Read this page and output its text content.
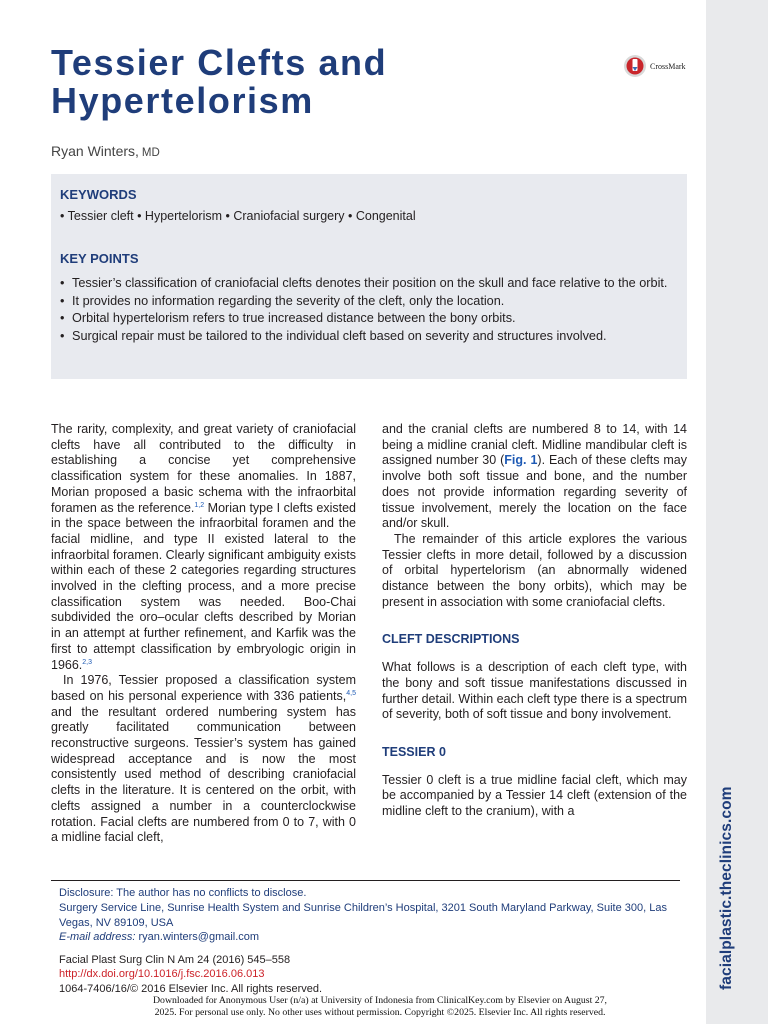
facialplastic.theclinics.com
Tessier Clefts and
Hypertelorism
CrossMark
Ryan Winters, MD
KEYWORDS
• Tessier cleft • Hypertelorism • Craniofacial surgery • Congenital
KEY POINTS
• Tessier’s classification of craniofacial clefts denotes their position on the skull and face relative to the orbit.
• It provides no information regarding the severity of the cleft, only the location.
• Orbital hypertelorism refers to true increased distance between the bony orbits.
• Surgical repair must be tailored to the individual cleft based on severity and structures involved.

The rarity, complexity, and great variety of craniofacial clefts have all contributed to the difficulty in establishing a concise yet comprehensive classification system for these anomalies. In 1887, Morian proposed a basic schema with the infraorbital foramen as the reference.$^{1,2}$ Morian type I clefts existed in the space between the infraorbital foramen and the facial midline, and type II existed lateral to the infraorbital foramen. Clearly significant ambiguity exists within each of these 2 categories regarding structures involved in the clefting process, and a more precise classification system was needed. Boo-Chai subdivided the oro–ocular clefts described by Morian in an attempt at further refinement, and Karfik was the first to attempt classification by embryologic origin in 1966.$^{2,3}$

In 1976, Tessier proposed a classification system based on his personal experience with 336 patients,$^{4,5}$ and the resultant ordered numbering system has greatly facilitated communication between reconstructive surgeons. Tessier’s system has gained widespread acceptance and is now the most consistently used method of describing craniofacial clefts in the literature. It is centered on the orbit, with clefts assigned a number in a counterclockwise rotation. Facial clefts are numbered from 0 to 7, with 0 a midline facial cleft,

and the cranial clefts are numbered 8 to 14, with 14 being a midline cranial cleft. Midline mandibular cleft is assigned number 30 (Fig. 1). Each of these clefts may involve both soft tissue and bone, and the number does not provide information regarding severity of tissue involvement, merely the location on the face and/or skull.

The remainder of this article explores the various Tessier clefts in more detail, followed by a discussion of orbital hypertelorism (an abnormally widened distance between the bony orbits), which may be present in association with some craniofacial clefts.

CLEFT DESCRIPTIONS

What follows is a description of each cleft type, with the bony and soft tissue manifestations discussed in further detail. Within each cleft type there is a spectrum of severity, both of soft tissue and bony involvement.

TESSIER 0

Tessier 0 cleft is a true midline facial cleft, which may be accompanied by a Tessier 14 cleft (extension of the midline cleft to the cranium), with a

Disclosure: The author has no conflicts to disclose.
Surgery Service Line, Sunrise Health System and Sunrise Children’s Hospital, 3201 South Maryland Parkway, Suite 300, Las Vegas, NV 89109, USA
E-mail address: ryan.winters@gmail.com
Facial Plast Surg Clin N Am 24 (2016) 545–558
http://dx.doi.org/10.1016/j.fsc.2016.06.013
1064-7406/16/© 2016 Elsevier Inc. All rights reserved.
Downloaded for Anonymous User (n/a) at University of Indonesia from ClinicalKey.com by Elsevier on August 27,
2025. For personal use only. No other uses without permission. Copyright ©2025. Elsevier Inc. All rights reserved.
